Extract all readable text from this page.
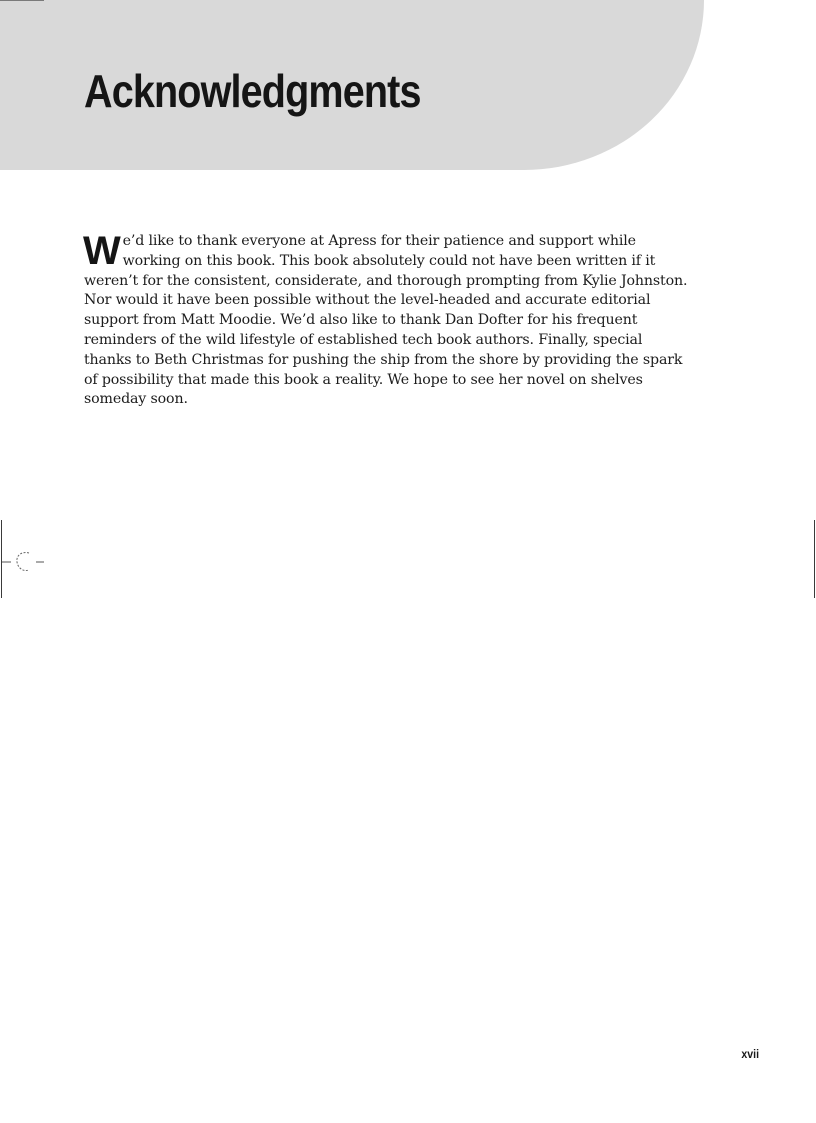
Acknowledgments

We’d like to thank everyone at Apress for their patience and support while working on this book. This book absolutely could not have been written if it weren’t for the consistent, considerate, and thorough prompting from Kylie Johnston. Nor would it have been possible without the level-headed and accurate editorial support from Matt Moodie. We’d also like to thank Dan Dofter for his frequent reminders of the wild lifestyle of established tech book authors. Finally, special thanks to Beth Christmas for pushing the ship from the shore by providing the spark of possibility that made this book a reality. We hope to see her novel on shelves someday soon.

xvii
